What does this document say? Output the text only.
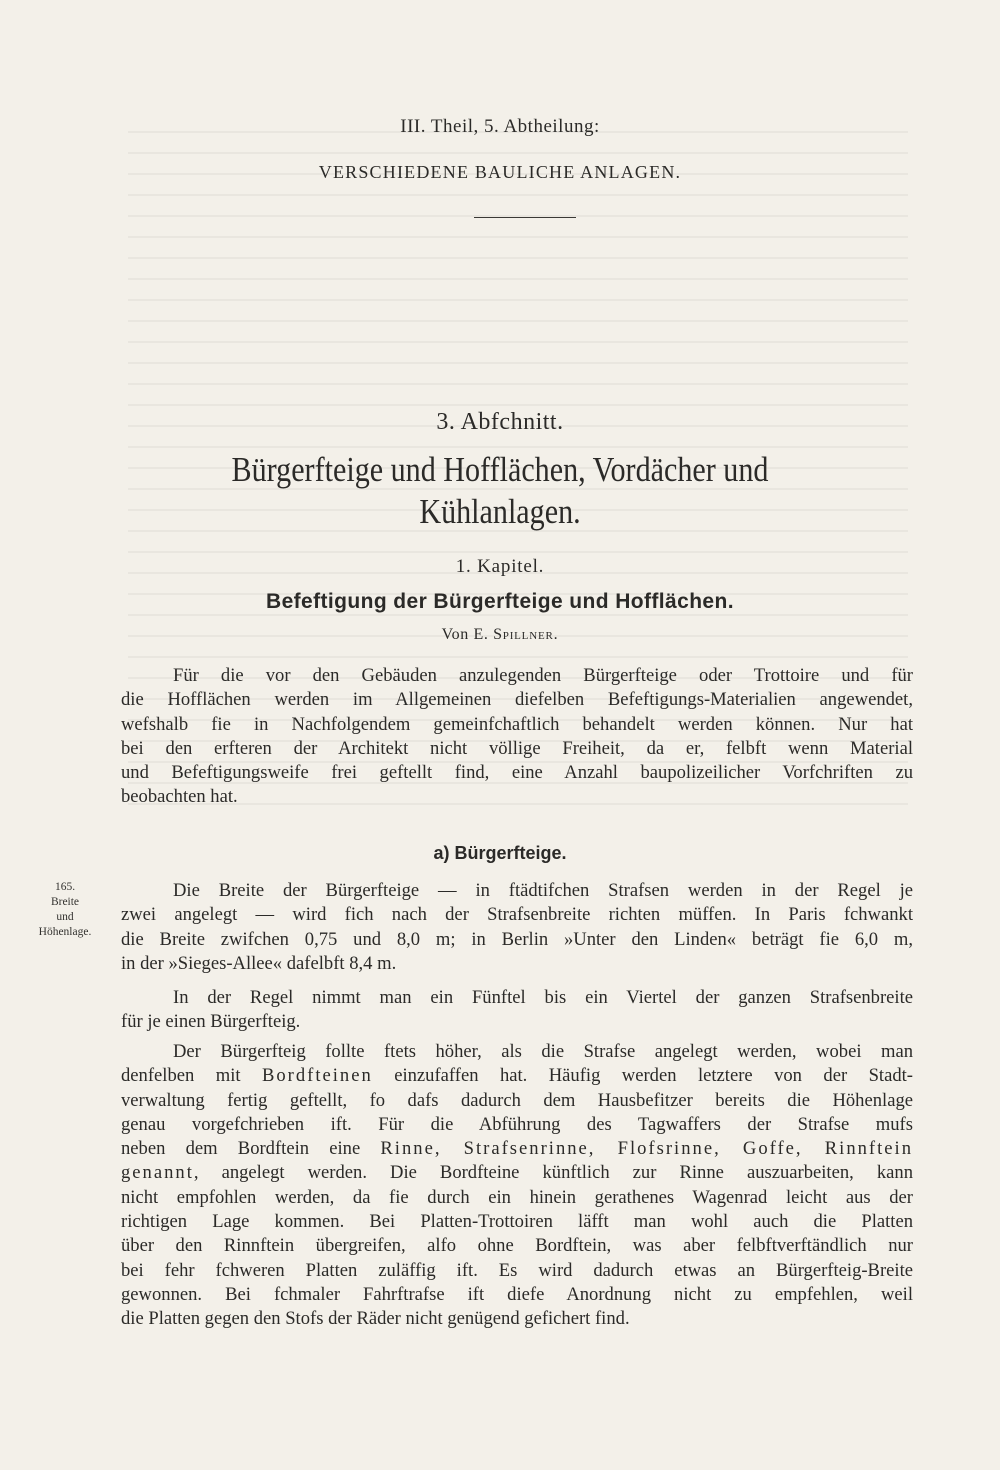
III. Theil, 5. Abtheilung:
VERSCHIEDENE BAULICHE ANLAGEN.
3. Abfchnitt.
Bürgerfteige und Hofflächen, Vordächer und
Kühlanlagen.
1. Kapitel.
Befeftigung der Bürgerfteige und Hofflächen.
Von E. Spillner.
Für die vor den Gebäuden anzulegenden Bürgerfteige oder Trottoire und für
die Hofflächen werden im Allgemeinen diefelben Befeftigungs-Materialien angewendet,
wefshalb fie in Nachfolgendem gemeinfchaftlich behandelt werden können. Nur hat
bei den erfteren der Architekt nicht völlige Freiheit, da er, felbft wenn Material
und Befeftigungsweife frei geftellt find, eine Anzahl baupolizeilicher Vorfchriften zu
beobachten hat.
a) Bürgerfteige.
165.
Breite
und
Höhenlage.
Die Breite der Bürgerfteige — in ftädtifchen Strafsen werden in der Regel je
zwei angelegt — wird fich nach der Strafsenbreite richten müffen. In Paris fchwankt
die Breite zwifchen 0,75 und 8,0 m; in Berlin »Unter den Linden« beträgt fie 6,0 m,
in der »Sieges-Allee« dafelbft 8,4 m.
In der Regel nimmt man ein Fünftel bis ein Viertel der ganzen Strafsenbreite
für je einen Bürgerfteig.
Der Bürgerfteig follte ftets höher, als die Strafse angelegt werden, wobei man
denfelben mit Bordfteinen einzufaffen hat. Häufig werden letztere von der Stadt-
verwaltung fertig geftellt, fo dafs dadurch dem Hausbefitzer bereits die Höhenlage
genau vorgefchrieben ift. Für die Abführung des Tagwaffers der Strafse mufs
neben dem Bordftein eine Rinne, Strafsenrinne, Flofsrinne, Goffe, Rinnftein
genannt, angelegt werden. Die Bordfteine künftlich zur Rinne auszuarbeiten, kann
nicht empfohlen werden, da fie durch ein hinein gerathenes Wagenrad leicht aus der
richtigen Lage kommen. Bei Platten-Trottoiren läfft man wohl auch die Platten
über den Rinnftein übergreifen, alfo ohne Bordftein, was aber felbftverftändlich nur
bei fehr fchweren Platten zuläffig ift. Es wird dadurch etwas an Bürgerfteig-Breite
gewonnen. Bei fchmaler Fahrftrafse ift diefe Anordnung nicht zu empfehlen, weil
die Platten gegen den Stofs der Räder nicht genügend gefichert find.
